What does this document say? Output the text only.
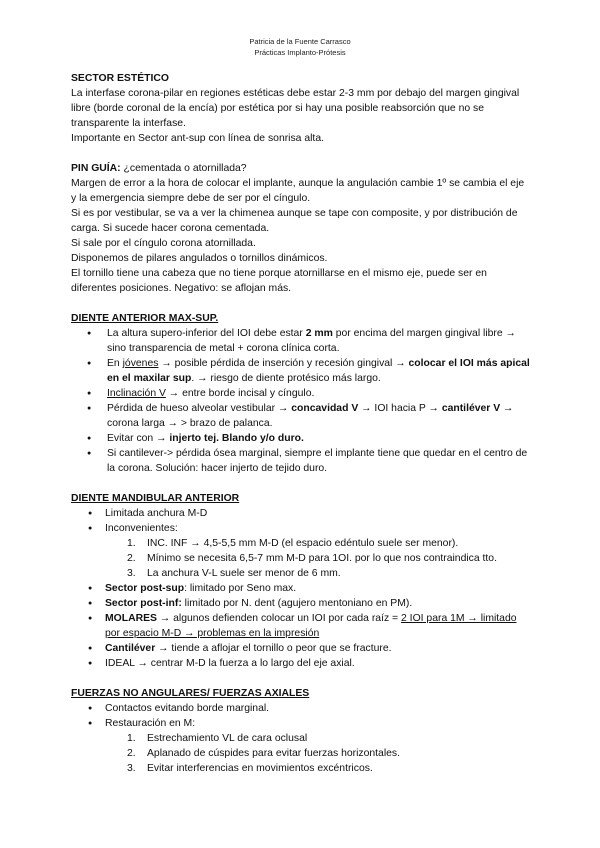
Patricia de la Fuente Carrasco
Prácticas Implanto-Prótesis

SECTOR ESTÉTICO

La interfase corona-pilar en regiones estéticas debe estar 2-3 mm por debajo del margen gingival libre (borde coronal de la encía) por estética por si hay una posible reabsorción que no se transparente la interfase.

Importante en Sector ant-sup con línea de sonrisa alta.

PIN GUÍA: ¿cementada o atornillada?

Margen de error a la hora de colocar el implante, aunque la angulación cambie 1º se cambia el eje y la emergencia siempre debe de ser por el cíngulo.

Si es por vestibular, se va a ver la chimenea aunque se tape con composite, y por distribución de carga. Si sucede hacer corona cementada.

Si sale por el cíngulo corona atornillada.

Disponemos de pilares angulados o tornillos dinámicos.

El tornillo tiene una cabeza que no tiene porque atornillarse en el mismo eje, puede ser en diferentes posiciones. Negativo: se aflojan más.

DIENTE ANTERIOR MAX-SUP.

● La altura supero-inferior del IOI debe estar 2 mm por encima del margen gingival libre → sino transparencia de metal + corona clínica corta.
● En jóvenes → posible pérdida de inserción y recesión gingival → colocar el IOI más apical en el maxilar sup. → riesgo de diente protésico más largo.
● Inclinación V → entre borde incisal y cíngulo.
● Pérdida de hueso alveolar vestibular → concavidad V → IOI hacia P → cantiléver V → corona larga → > brazo de palanca.
● Evitar con → injerto tej. Blando y/o duro.
● Si cantilever-> pérdida ósea marginal, siempre el implante tiene que quedar en el centro de la corona. Solución: hacer injerto de tejido duro.

DIENTE MANDIBULAR ANTERIOR

● Limitada anchura M-D
● Inconvenientes:
1. INC. INF → 4,5-5,5 mm M-D (el espacio edéntulo suele ser menor).
2. Mínimo se necesita 6,5-7 mm M-D para 1OI. por lo que nos contraindica tto.
3. La anchura V-L suele ser menor de 6 mm.
● Sector post-sup: limitado por Seno max.
● Sector post-inf: limitado por N. dent (agujero mentoniano en PM).
● MOLARES → algunos defienden colocar un IOI por cada raíz = 2 IOI para 1M → limitado por espacio M-D → problemas en la impresión
● Cantiléver → tiende a aflojar el tornillo o peor que se fracture.
● IDEAL → centrar M-D la fuerza a lo largo del eje axial.

FUERZAS NO ANGULARES/ FUERZAS AXIALES

● Contactos evitando borde marginal.
● Restauración en M:
1. Estrechamiento VL de cara oclusal
2. Aplanado de cúspides para evitar fuerzas horizontales.
3. Evitar interferencias en movimientos excéntricos.
